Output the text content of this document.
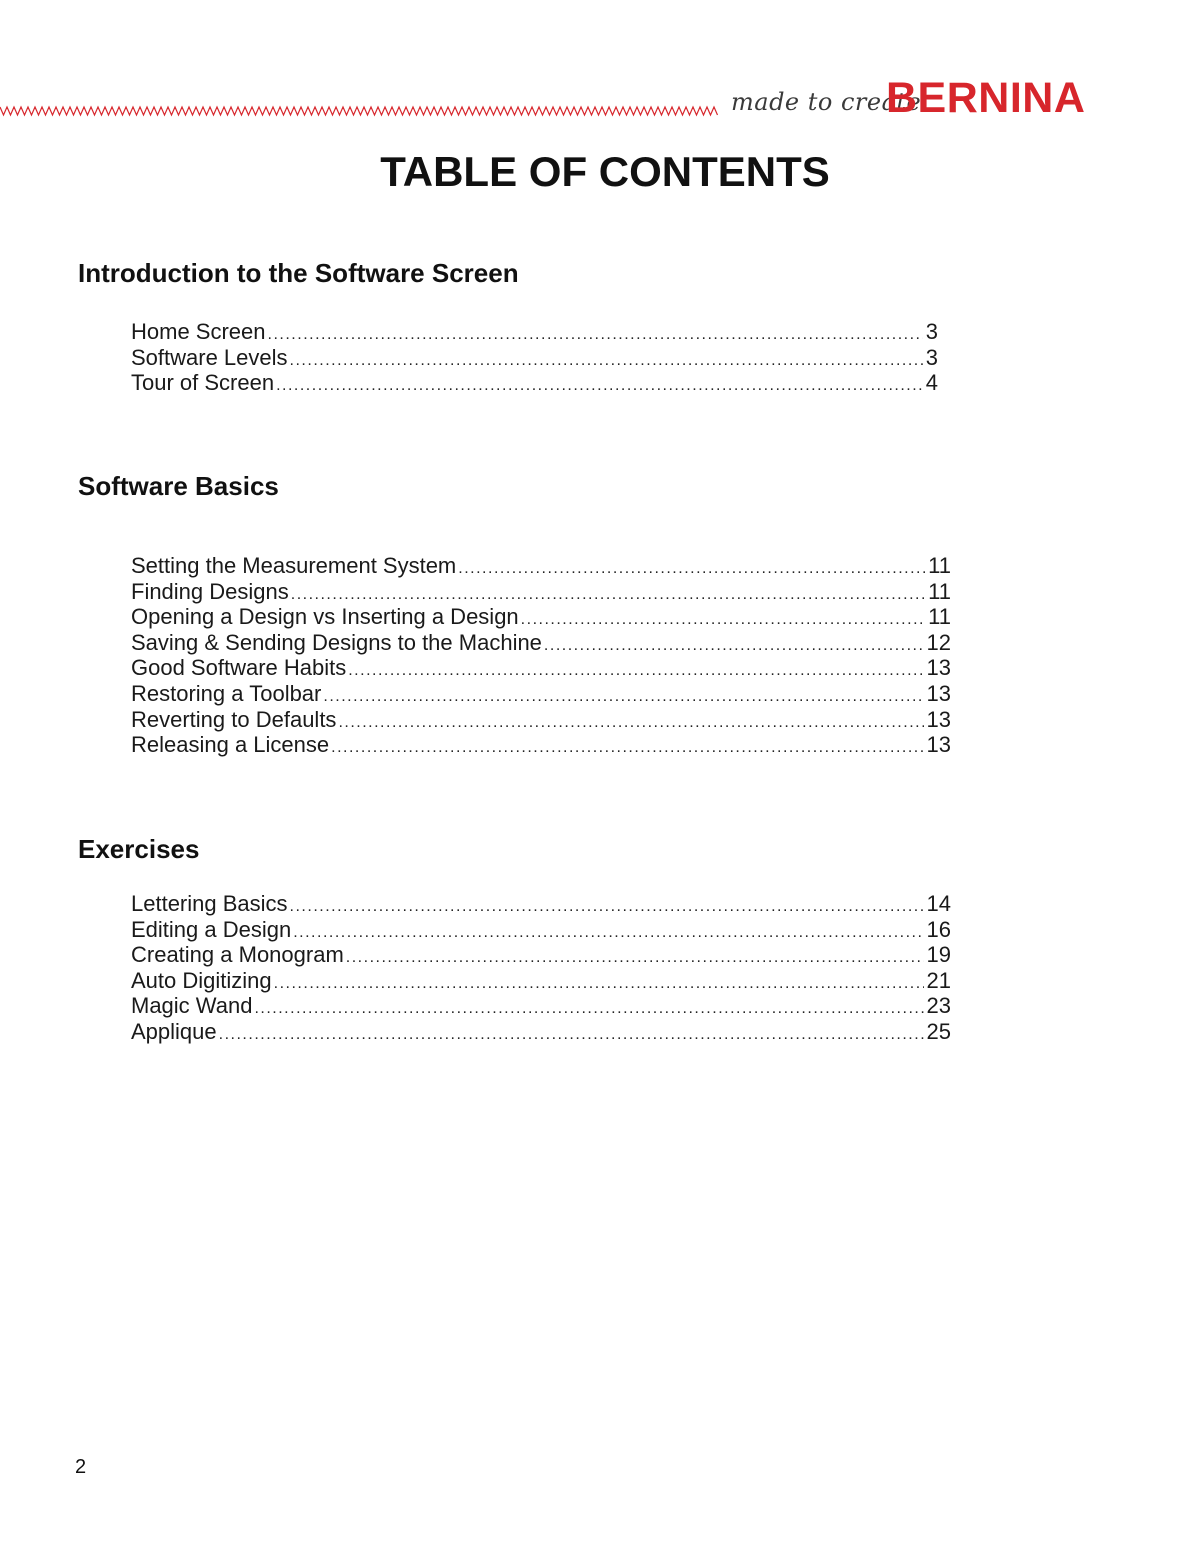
made to create
BERNINA
TABLE OF CONTENTS
Introduction to the Software Screen
Home Screen .....	3
Software Levels .....	3
Tour of Screen .....	4
Software Basics
Setting the Measurement System .....	11
Finding Designs .....	11
Opening a Design vs Inserting a Design .....	11
Saving & Sending Designs to the Machine .....	12
Good Software Habits .....	13
Restoring a Toolbar .....	13
Reverting to Defaults .....	13
Releasing a License .....	13
Exercises
Lettering Basics .....	14
Editing a Design .....	16
Creating a Monogram .....	19
Auto Digitizing .....	21
Magic Wand .....	23
Applique .....	25
2
